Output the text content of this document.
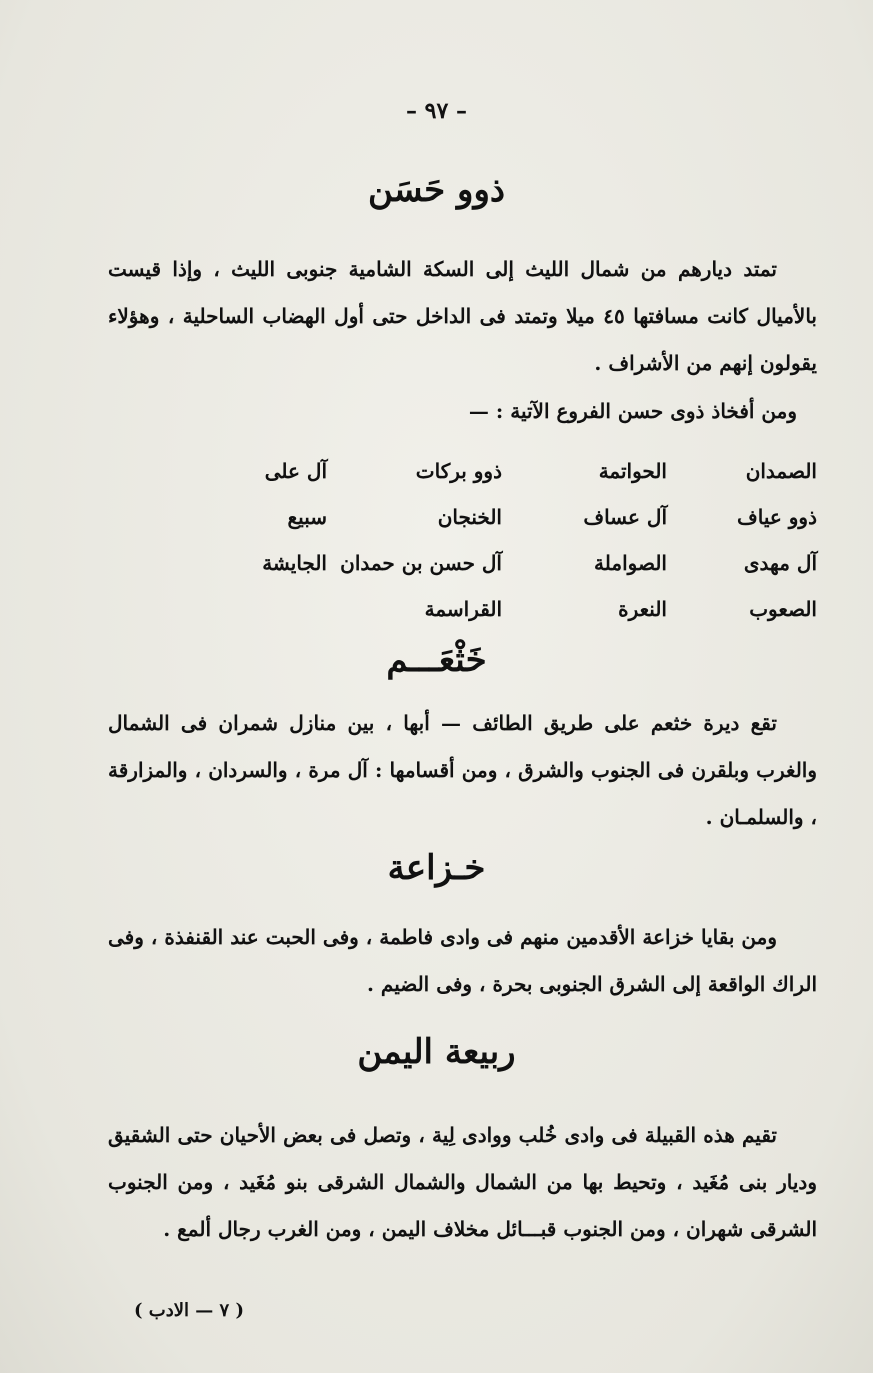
– ٩٧ –
ذوو حَسَن
تمتد ديارهم من شمال الليث إلى السكة الشامية جنوبى الليث ، وإذا قيست بالأميال كانت مسافتها ٤٥ ميلا وتمتد فى الداخل حتى أول الهضاب الساحلية ، وهؤلاء يقولون إنهم من الأشراف .
ومن أفخاذ ذوى حسن الفروع الآتية : —
الصمدان
الحواتمة
ذوو بركات
آل على
ذوو عياف
آل عساف
الخنجان
سبيع
آل مهدى
الصواملة
آل حسن بن حمدان
الجايشة
الصعوب
النعرة
القراسمة
خَثْعَـــم
تقع ديرة خثعم على طريق الطائف — أبها ، بين منازل شمران فى الشمال والغرب وبلقرن فى الجنوب والشرق ، ومن أقسامها : آل مرة ، والسردان ، والمزارقة ، والسلمـان .
خـزاعة
ومن بقايا خزاعة الأقدمين منهم فى وادى فاطمة ، وفى الحبت عند القنفذة ، وفى الراك الواقعة إلى الشرق الجنوبى بحرة ، وفى الضيم .
ربيعة اليمن
تقيم هذه القبيلة فى وادى خُلب ووادى لِية ، وتصل فى بعض الأحيان حتى الشقيق وديار بنى مُغَيد ، وتحيط بها من الشمال والشمال الشرقى بنو مُغَيد ، ومن الجنوب الشرقى شهران ، ومن الجنوب قبـــائل مخلاف اليمن ، ومن الغرب رجال ألمع .
( ٧ — الادب )
